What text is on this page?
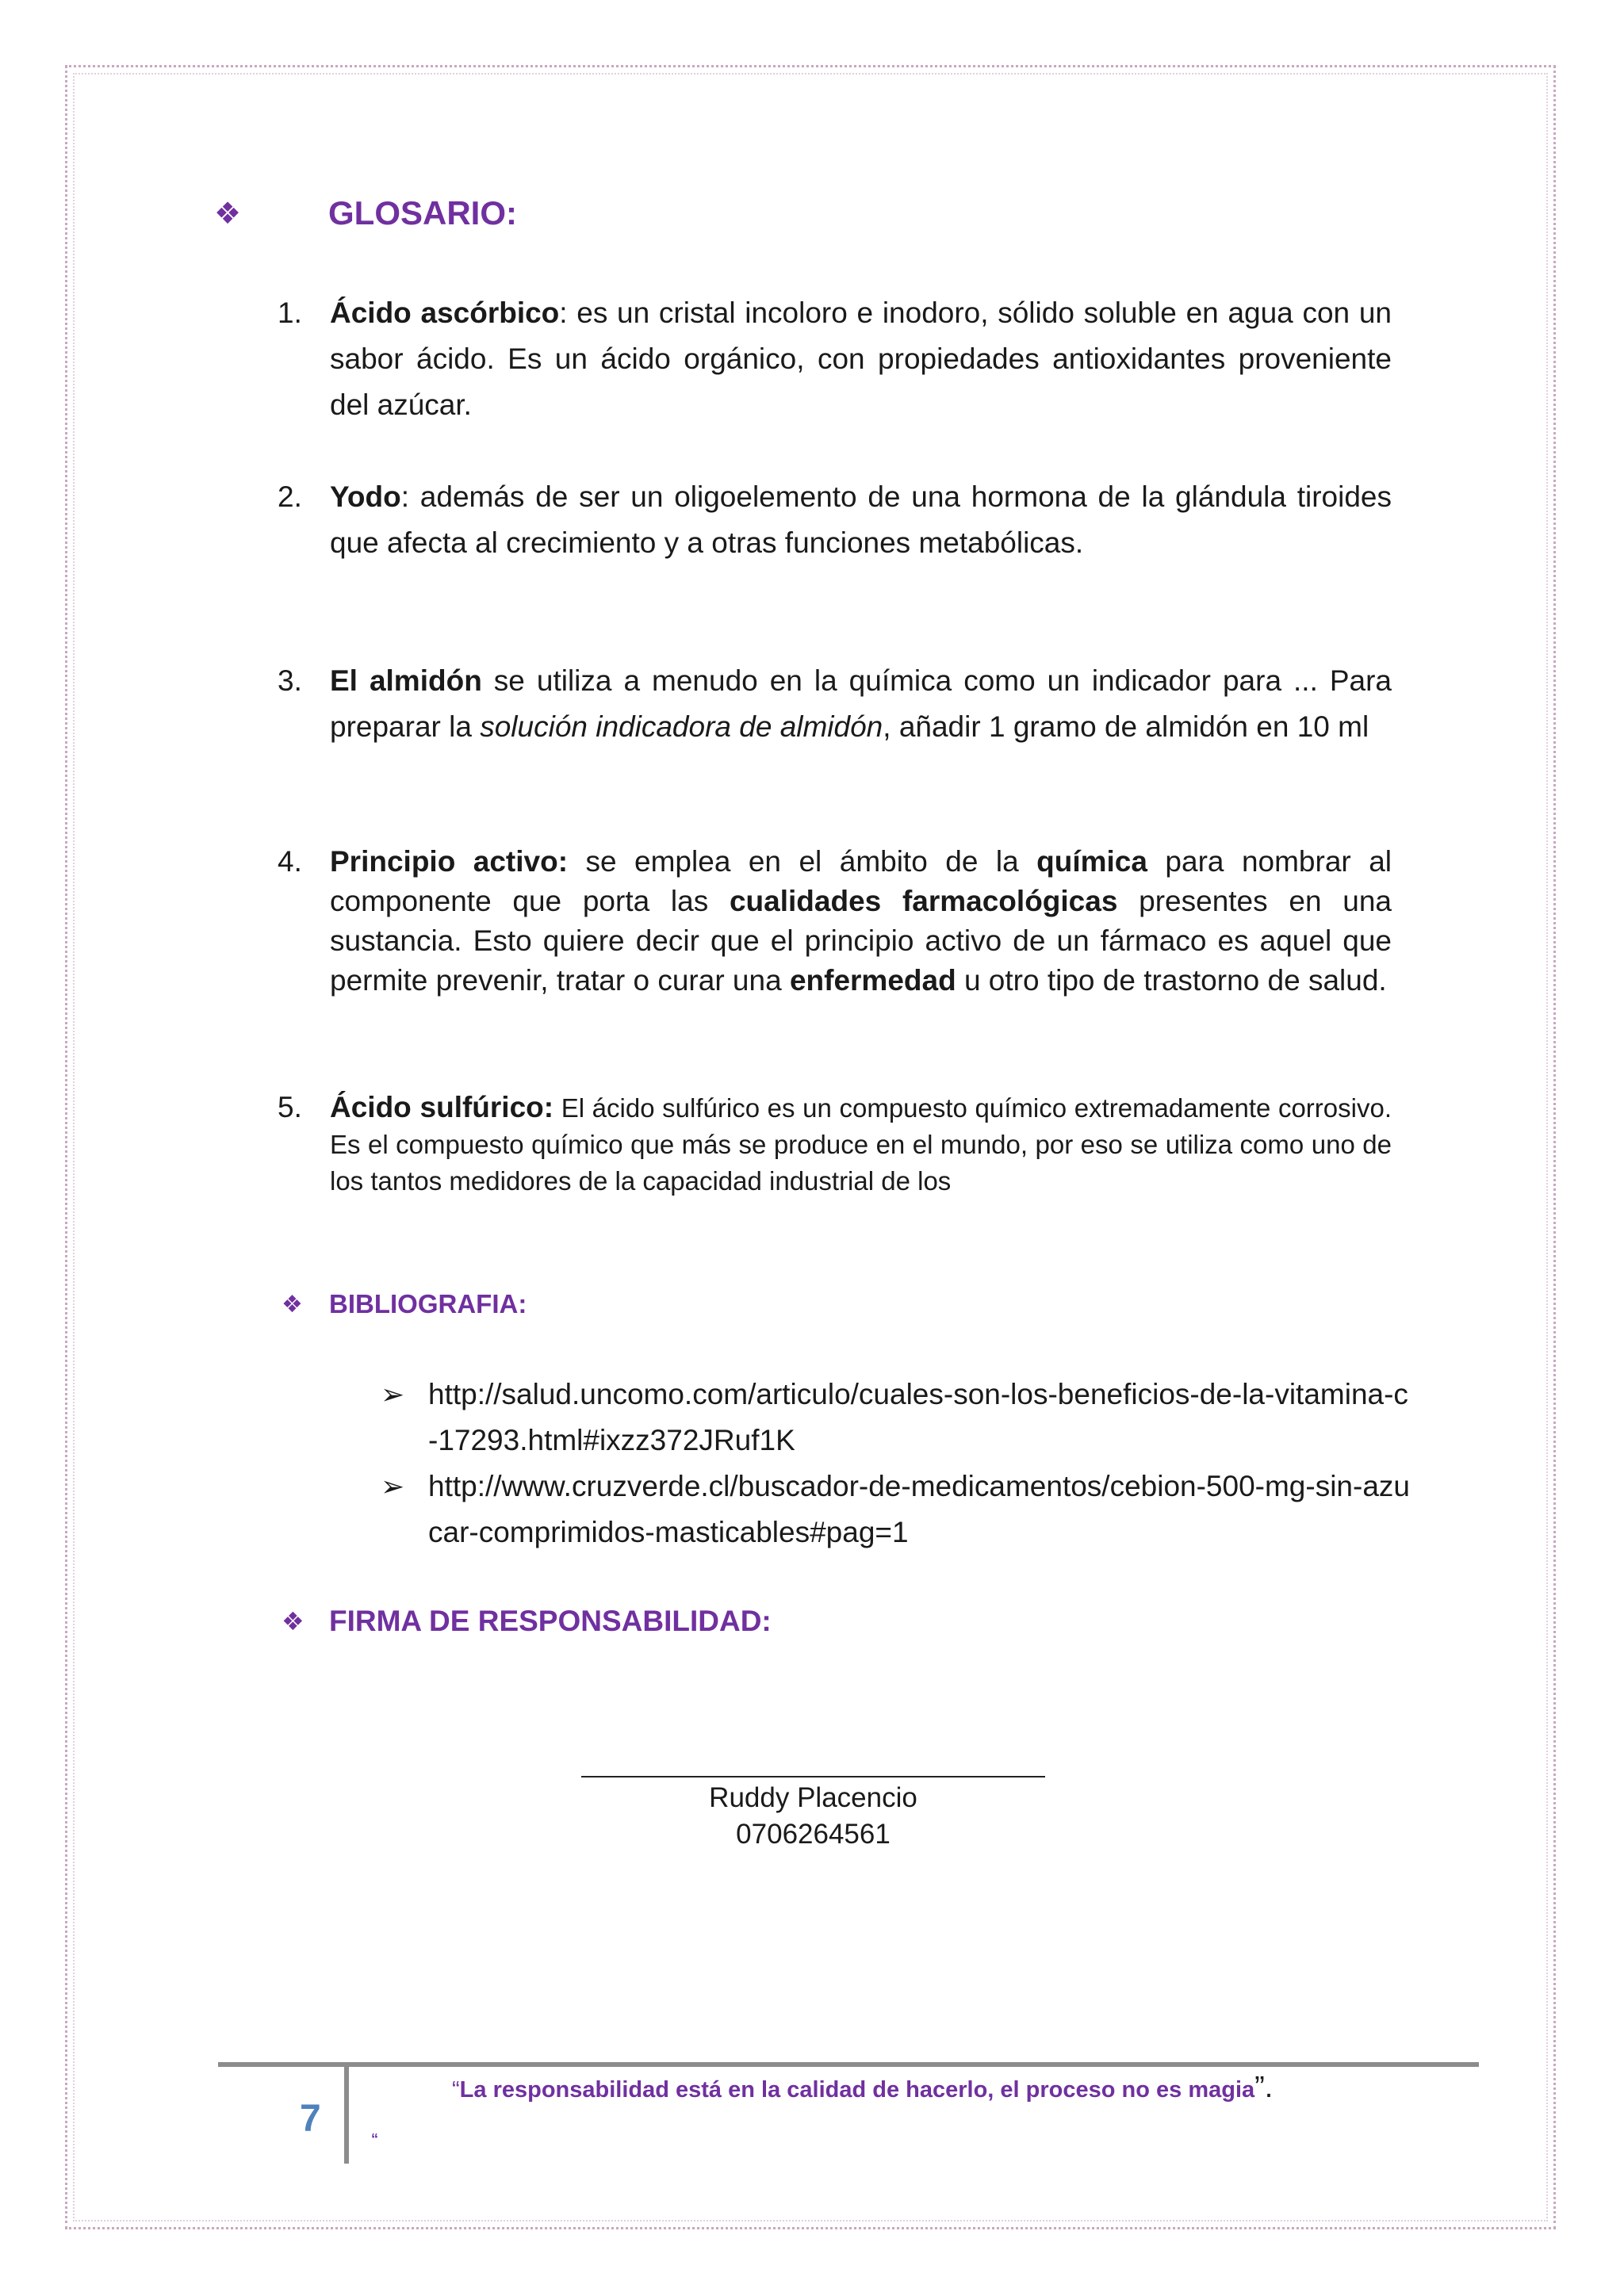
❖	GLOSARIO:
1. Ácido ascórbico: es un cristal incoloro e inodoro, sólido soluble en agua con un sabor ácido. Es un ácido orgánico, con propiedades antioxidantes proveniente del azúcar.
2. Yodo: además de ser un oligoelemento de una hormona de la glándula tiroides que afecta al crecimiento y a otras funciones metabólicas.
3. El almidón se utiliza a menudo en la química como un indicador para ... Para preparar la solución indicadora de almidón, añadir 1 gramo de almidón en 10 ml
4. Principio activo: se emplea en el ámbito de la química para nombrar al componente que porta las cualidades farmacológicas presentes en una sustancia. Esto quiere decir que el principio activo de un fármaco es aquel que permite prevenir, tratar o curar una enfermedad u otro tipo de trastorno de salud.
5. Ácido sulfúrico: El ácido sulfúrico es un compuesto químico extremadamente corrosivo. Es el compuesto químico que más se produce en el mundo, por eso se utiliza como uno de los tantos medidores de la capacidad industrial de los
❖	BIBLIOGRAFIA:
➢ http://salud.uncomo.com/articulo/cuales-son-los-beneficios-de-la-vitamina-c-17293.html#ixzz372JRuf1K
➢ http://www.cruzverde.cl/buscador-de-medicamentos/cebion-500-mg-sin-azucar-comprimidos-masticables#pag=1
❖ FIRMA DE RESPONSABILIDAD:
Ruddy Placencio
0706264561
7
“La responsabilidad está en la calidad de hacerlo, el proceso no es magia”.
“
